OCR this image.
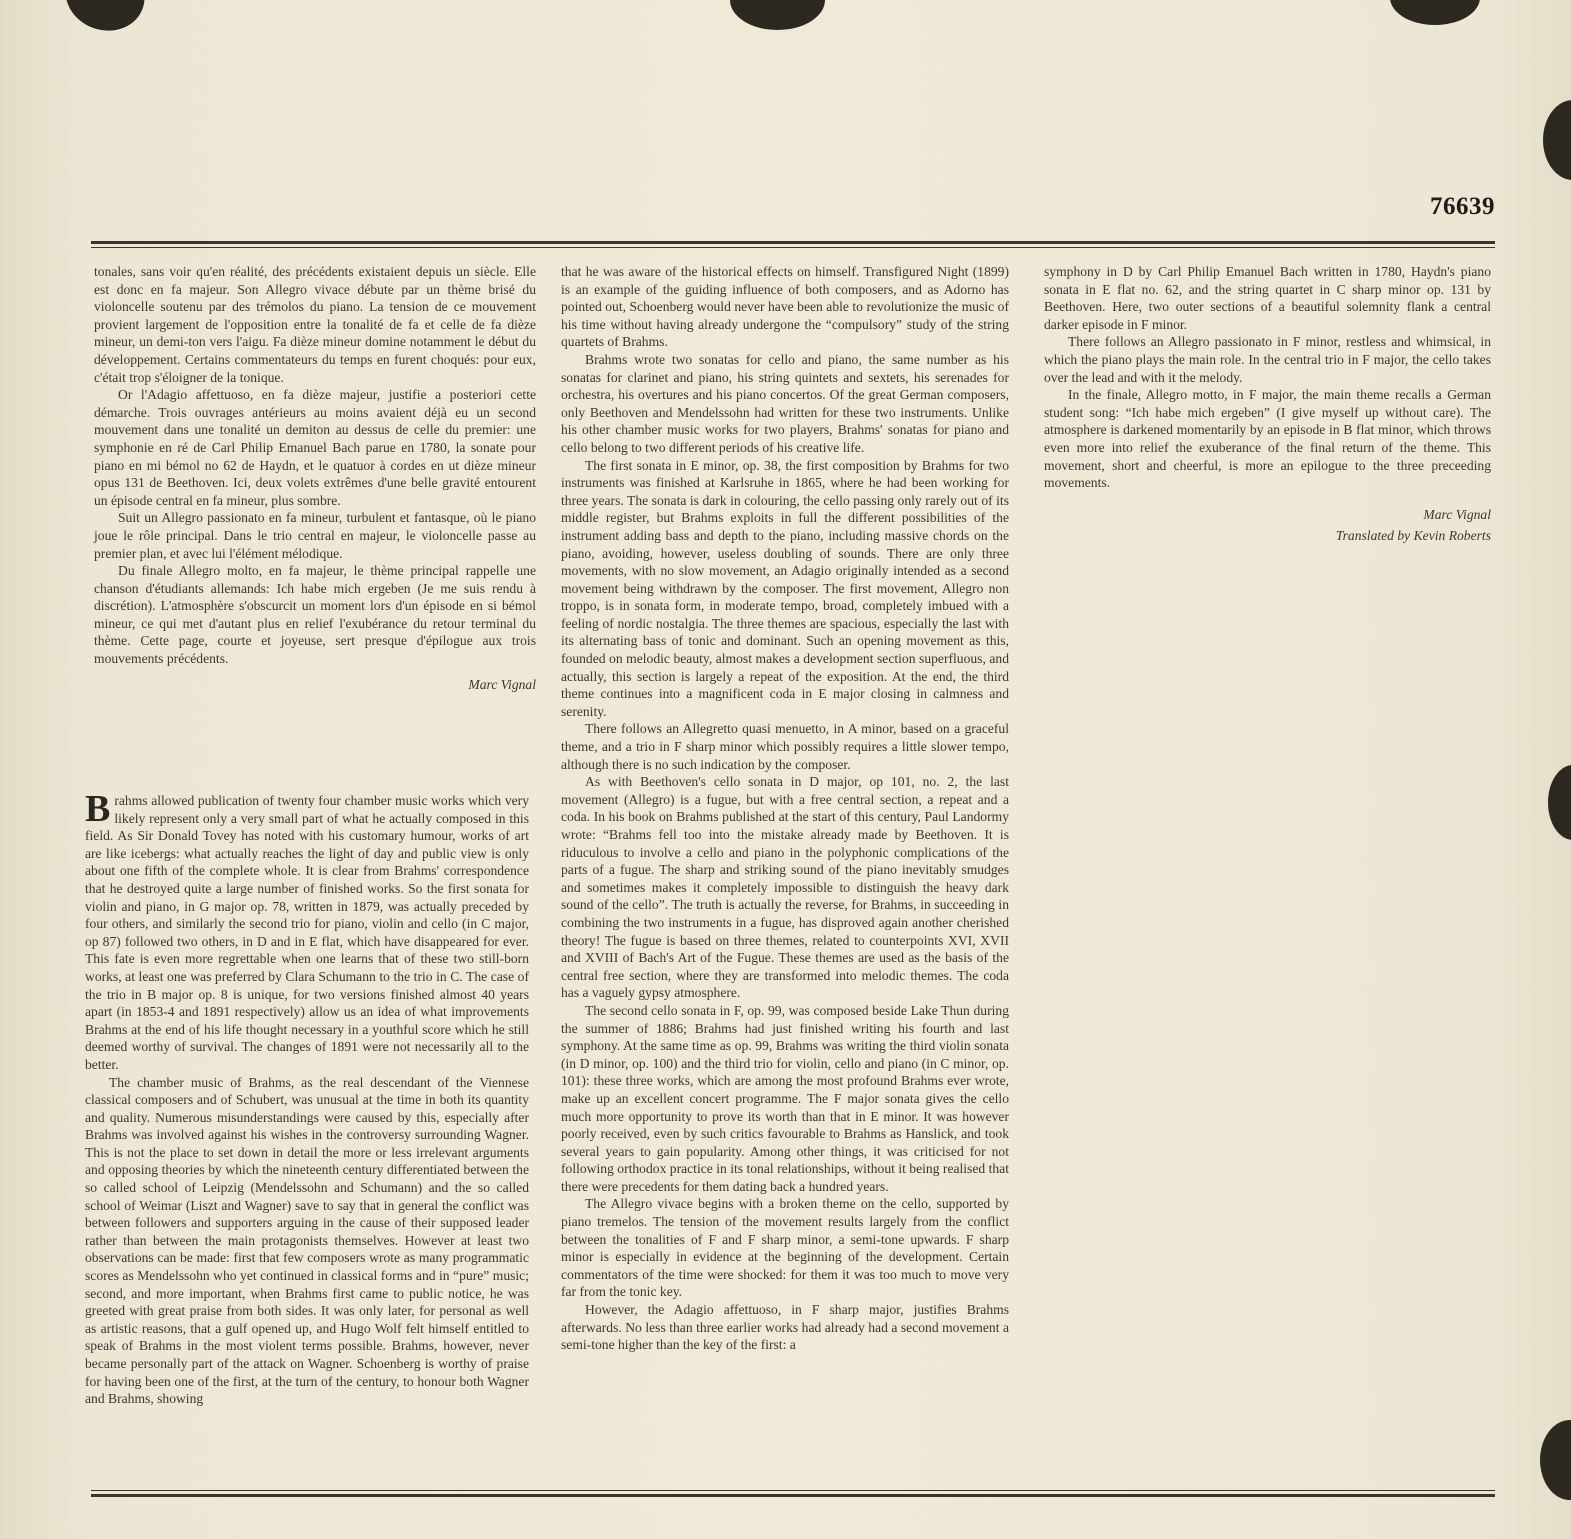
76639

tonales, sans voir qu'en réalité, des précédents existaient depuis un siècle. Elle est donc en fa majeur. Son Allegro vivace débute par un thème brisé du violoncelle soutenu par des trémolos du piano. La tension de ce mouvement provient largement de l'opposition entre la tonalité de fa et celle de fa dièze mineur, un demi-ton vers l'aigu. Fa dièze mineur domine notamment le début du développement. Certains commentateurs du temps en furent choqués: pour eux, c'était trop s'éloigner de la tonique.

Or l'Adagio affettuoso, en fa dièze majeur, justifie a posteriori cette démarche. Trois ouvrages antérieurs au moins avaient déjà eu un second mouvement dans une tonalité un demiton au dessus de celle du premier: une symphonie en ré de Carl Philip Emanuel Bach parue en 1780, la sonate pour piano en mi bémol no 62 de Haydn, et le quatuor à cordes en ut dièze mineur opus 131 de Beethoven. Ici, deux volets extrêmes d'une belle gravité entourent un épisode central en fa mineur, plus sombre.

Suit un Allegro passionato en fa mineur, turbulent et fantasque, où le piano joue le rôle principal. Dans le trio central en majeur, le violoncelle passe au premier plan, et avec lui l'élément mélodique.

Du finale Allegro molto, en fa majeur, le thème principal rappelle une chanson d'étudiants allemands: Ich habe mich ergeben (Je me suis rendu à discrétion). L'atmosphère s'obscurcit un moment lors d'un épisode en si bémol mineur, ce qui met d'autant plus en relief l'exubérance du retour terminal du thème. Cette page, courte et joyeuse, sert presque d'épilogue aux trois mouvements précédents.

Marc Vignal

Brahms allowed publication of twenty four chamber music works which very likely represent only a very small part of what he actually composed in this field. As Sir Donald Tovey has noted with his customary humour, works of art are like icebergs: what actually reaches the light of day and public view is only about one fifth of the complete whole. It is clear from Brahms' correspondence that he destroyed quite a large number of finished works. So the first sonata for violin and piano, in G major op. 78, written in 1879, was actually preceded by four others, and similarly the second trio for piano, violin and cello (in C major, op 87) followed two others, in D and in E flat, which have disappeared for ever. This fate is even more regrettable when one learns that of these two still-born works, at least one was preferred by Clara Schumann to the trio in C. The case of the trio in B major op. 8 is unique, for two versions finished almost 40 years apart (in 1853-4 and 1891 respectively) allow us an idea of what improvements Brahms at the end of his life thought necessary in a youthful score which he still deemed worthy of survival. The changes of 1891 were not necessarily all to the better.

The chamber music of Brahms, as the real descendant of the Viennese classical composers and of Schubert, was unusual at the time in both its quantity and quality. Numerous misunderstandings were caused by this, especially after Brahms was involved against his wishes in the controversy surrounding Wagner. This is not the place to set down in detail the more or less irrelevant arguments and opposing theories by which the nineteenth century differentiated between the so called school of Leipzig (Mendelssohn and Schumann) and the so called school of Weimar (Liszt and Wagner) save to say that in general the conflict was between followers and supporters arguing in the cause of their supposed leader rather than between the main protagonists themselves. However at least two observations can be made: first that few composers wrote as many programmatic scores as Mendelssohn who yet continued in classical forms and in “pure” music; second, and more important, when Brahms first came to public notice, he was greeted with great praise from both sides. It was only later, for personal as well as artistic reasons, that a gulf opened up, and Hugo Wolf felt himself entitled to speak of Brahms in the most violent terms possible. Brahms, however, never became personally part of the attack on Wagner. Schoenberg is worthy of praise for having been one of the first, at the turn of the century, to honour both Wagner and Brahms, showing

that he was aware of the historical effects on himself. Transfigured Night (1899) is an example of the guiding influence of both composers, and as Adorno has pointed out, Schoenberg would never have been able to revolutionize the music of his time without having already undergone the “compulsory” study of the string quartets of Brahms.

Brahms wrote two sonatas for cello and piano, the same number as his sonatas for clarinet and piano, his string quintets and sextets, his serenades for orchestra, his overtures and his piano concertos. Of the great German composers, only Beethoven and Mendelssohn had written for these two instruments. Unlike his other chamber music works for two players, Brahms' sonatas for piano and cello belong to two different periods of his creative life.

The first sonata in E minor, op. 38, the first composition by Brahms for two instruments was finished at Karlsruhe in 1865, where he had been working for three years. The sonata is dark in colouring, the cello passing only rarely out of its middle register, but Brahms exploits in full the different possibilities of the instrument adding bass and depth to the piano, including massive chords on the piano, avoiding, however, useless doubling of sounds. There are only three movements, with no slow movement, an Adagio originally intended as a second movement being withdrawn by the composer. The first movement, Allegro non troppo, is in sonata form, in moderate tempo, broad, completely imbued with a feeling of nordic nostalgia. The three themes are spacious, especially the last with its alternating bass of tonic and dominant. Such an opening movement as this, founded on melodic beauty, almost makes a development section superfluous, and actually, this section is largely a repeat of the exposition. At the end, the third theme continues into a magnificent coda in E major closing in calmness and serenity.

There follows an Allegretto quasi menuetto, in A minor, based on a graceful theme, and a trio in F sharp minor which possibly requires a little slower tempo, although there is no such indication by the composer.

As with Beethoven's cello sonata in D major, op 101, no. 2, the last movement (Allegro) is a fugue, but with a free central section, a repeat and a coda. In his book on Brahms published at the start of this century, Paul Landormy wrote: “Brahms fell too into the mistake already made by Beethoven. It is riduculous to involve a cello and piano in the polyphonic complications of the parts of a fugue. The sharp and striking sound of the piano inevitably smudges and sometimes makes it completely impossible to distinguish the heavy dark sound of the cello”. The truth is actually the reverse, for Brahms, in succeeding in combining the two instruments in a fugue, has disproved again another cherished theory! The fugue is based on three themes, related to counterpoints XVI, XVII and XVIII of Bach's Art of the Fugue. These themes are used as the basis of the central free section, where they are transformed into melodic themes. The coda has a vaguely gypsy atmosphere.

The second cello sonata in F, op. 99, was composed beside Lake Thun during the summer of 1886; Brahms had just finished writing his fourth and last symphony. At the same time as op. 99, Brahms was writing the third violin sonata (in D minor, op. 100) and the third trio for violin, cello and piano (in C minor, op. 101): these three works, which are among the most profound Brahms ever wrote, make up an excellent concert programme. The F major sonata gives the cello much more opportunity to prove its worth than that in E minor. It was however poorly received, even by such critics favourable to Brahms as Hanslick, and took several years to gain popularity. Among other things, it was criticised for not following orthodox practice in its tonal relationships, without it being realised that there were precedents for them dating back a hundred years.

The Allegro vivace begins with a broken theme on the cello, supported by piano tremelos. The tension of the movement results largely from the conflict between the tonalities of F and F sharp minor, a semi-tone upwards. F sharp minor is especially in evidence at the beginning of the development. Certain commentators of the time were shocked: for them it was too much to move very far from the tonic key.

However, the Adagio affettuoso, in F sharp major, justifies Brahms afterwards. No less than three earlier works had already had a second movement a semi-tone higher than the key of the first: a

symphony in D by Carl Philip Emanuel Bach written in 1780, Haydn's piano sonata in E flat no. 62, and the string quartet in C sharp minor op. 131 by Beethoven. Here, two outer sections of a beautiful solemnity flank a central darker episode in F minor.

There follows an Allegro passionato in F minor, restless and whimsical, in which the piano plays the main role. In the central trio in F major, the cello takes over the lead and with it the melody.

In the finale, Allegro motto, in F major, the main theme recalls a German student song: “Ich habe mich ergeben” (I give myself up without care). The atmosphere is darkened momentarily by an episode in B flat minor, which throws even more into relief the exuberance of the final return of the theme. This movement, short and cheerful, is more an epilogue to the three preceeding movements.

Marc Vignal
Translated by Kevin Roberts
